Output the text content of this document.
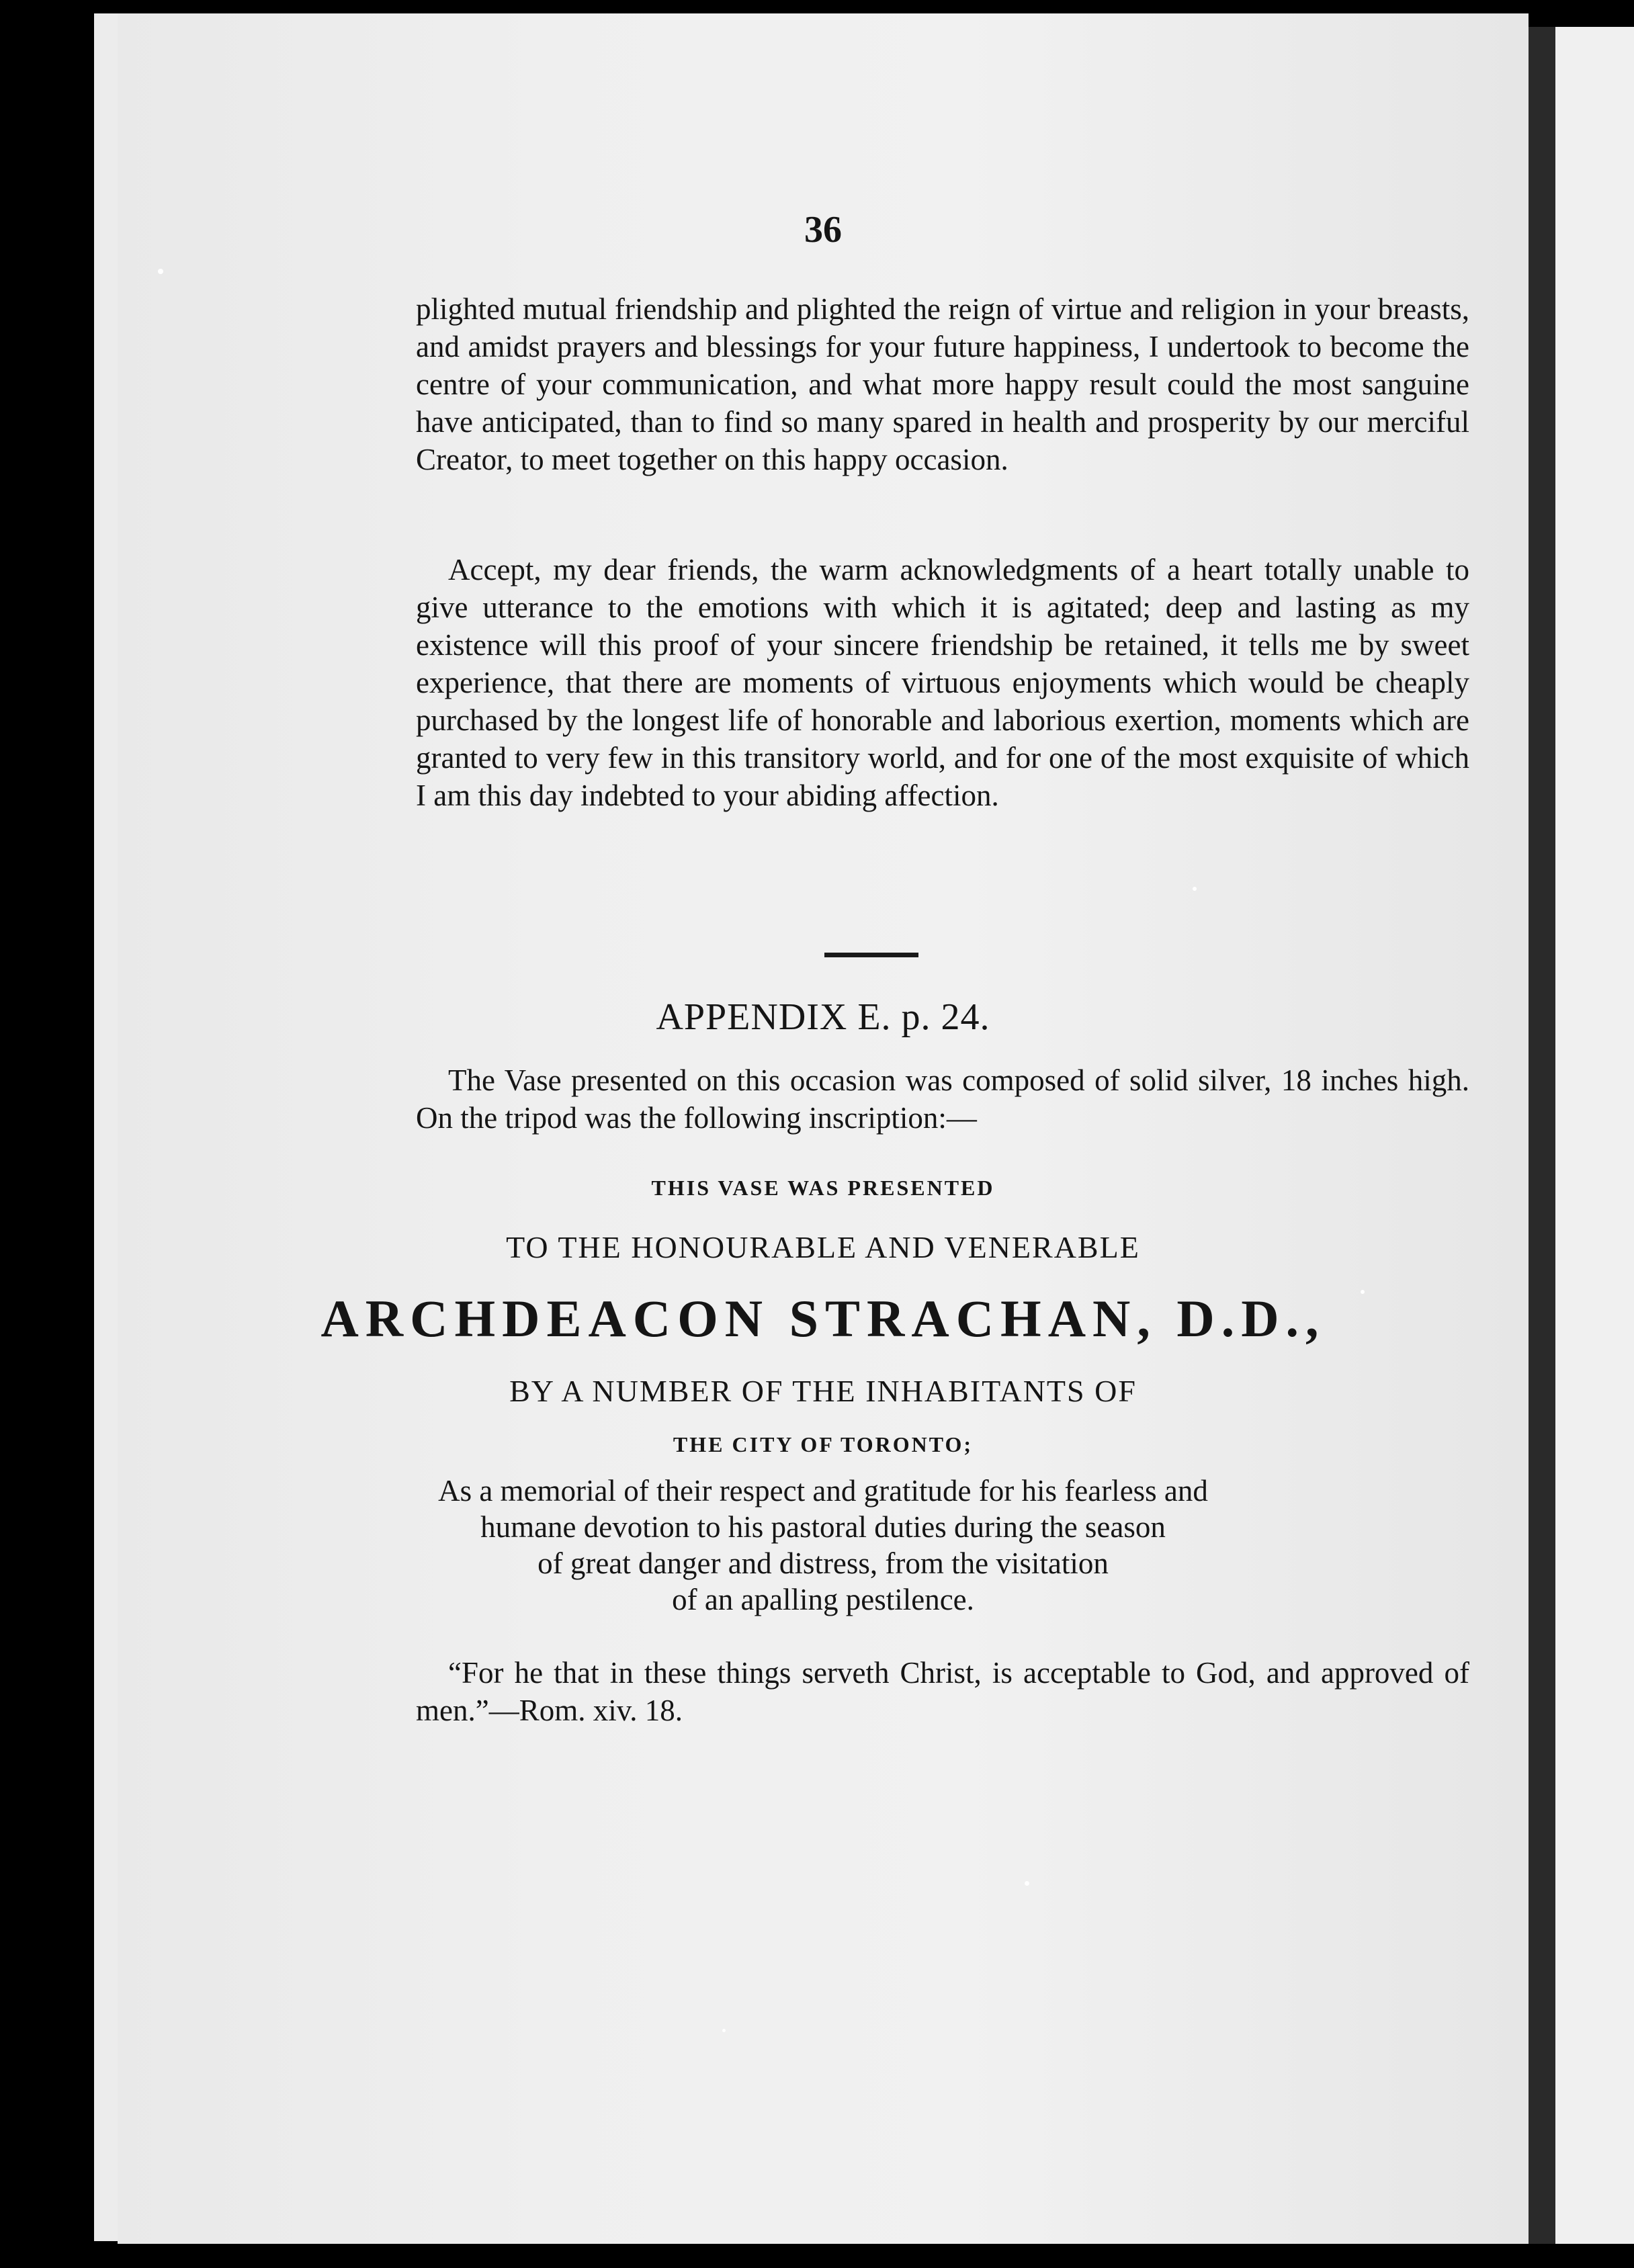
36

plighted mutual friendship and plighted the reign of virtue and religion in your breasts, and amidst prayers and blessings for your future happiness, I undertook to become the centre of your communication, and what more happy result could the most sanguine have anticipated, than to find so many spared in health and prosperity by our merciful Creator, to meet together on this happy occasion.

Accept, my dear friends, the warm acknowledgments of a heart totally unable to give utterance to the emotions with which it is agitated; deep and lasting as my existence will this proof of your sincere friendship be retained, it tells me by sweet experience, that there are moments of virtuous enjoyments which would be cheaply purchased by the longest life of honorable and laborious exertion, moments which are granted to very few in this transitory world, and for one of the most exquisite of which I am this day indebted to your abiding affection.

APPENDIX E. p. 24.

The Vase presented on this occasion was composed of solid silver, 18 inches high. On the tripod was the following inscription:—

THIS VASE WAS PRESENTED
TO THE HONOURABLE AND VENERABLE
ARCHDEACON STRACHAN, D.D.,
BY A NUMBER OF THE INHABITANTS OF
THE CITY OF TORONTO;
As a memorial of their respect and gratitude for his fearless and
humane devotion to his pastoral duties during the season
of great danger and distress, from the visitation
of an apalling pestilence.

“For he that in these things serveth Christ, is acceptable to God, and approved of men.”—Rom. xiv. 18.
